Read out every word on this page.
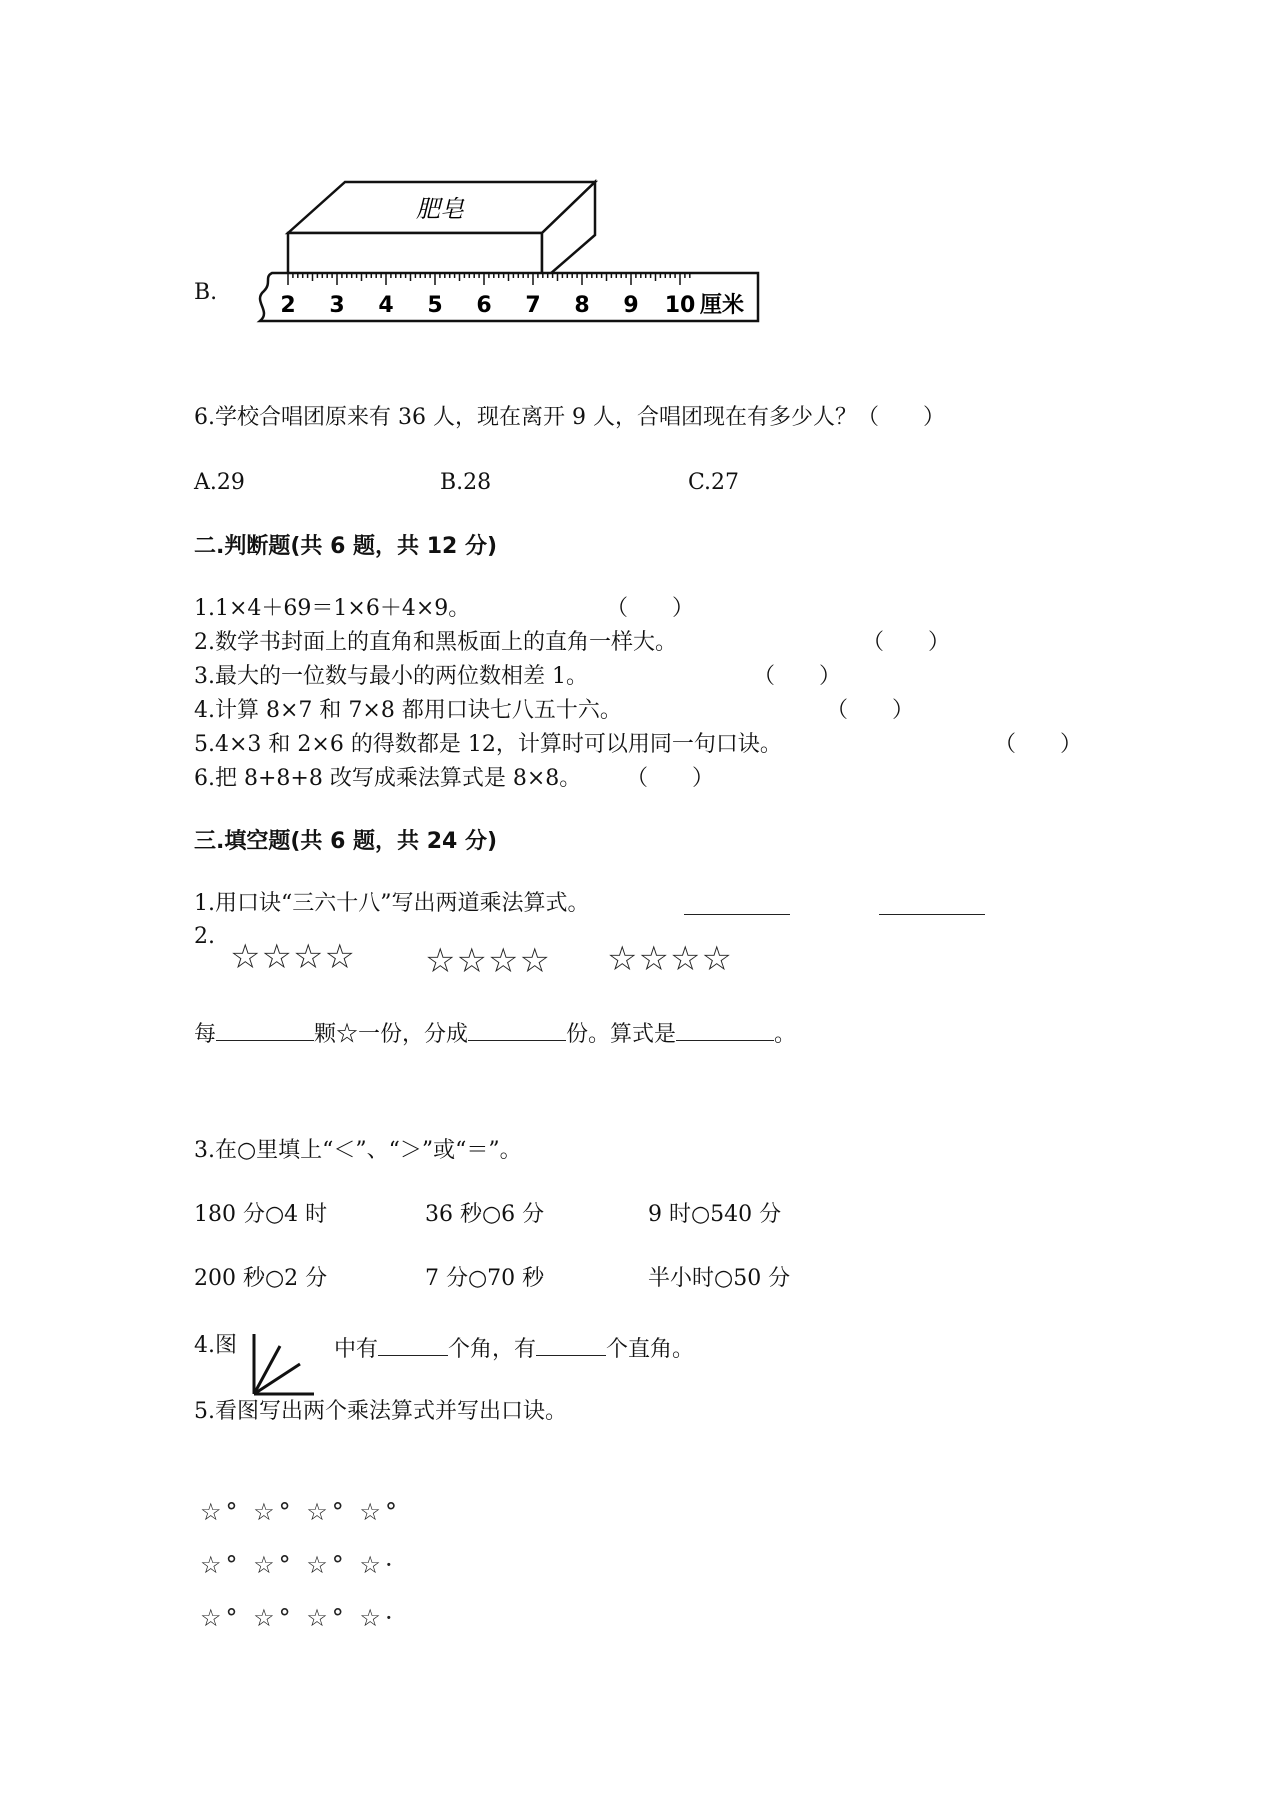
B.
肥皂
2 3 4 5 6 7 8 9 10 厘米
6.学校合唱团原来有 36 人，现在离开 9 人，合唱团现在有多少人？（　　）
A.29	B.28	C.27
二.判断题(共 6 题，共 12 分)
1.1×4＋69＝1×6＋4×9。	（　　）
2.数学书封面上的直角和黑板面上的直角一样大。	（　　）
3.最大的一位数与最小的两位数相差 1。	（　　）
4.计算 8×7 和 7×8 都用口诀七八五十六。	（　　）
5.4×3 和 2×6 的得数都是 12，计算时可以用同一句口诀。	（　　）
6.把 8+8+8 改写成乘法算式是 8×8。 （　　）
三.填空题(共 6 题，共 24 分)
1.用口诀“三六十八”写出两道乘法算式。
2.
☆☆☆☆ ☆☆☆☆ ☆☆☆☆
每	颗☆一份，分成	份。算式是	。
3.在○里填上“＜”、“＞”或“＝”。
180 分○4 时	36 秒○6 分	9 时○540 分
200 秒○2 分	7 分○70 秒	半小时○50 分
4.图	中有	个角，有	个直角。
5.看图写出两个乘法算式并写出口诀。
☆° ☆° ☆° ☆°
☆° ☆° ☆° ☆·
☆° ☆° ☆° ☆·
